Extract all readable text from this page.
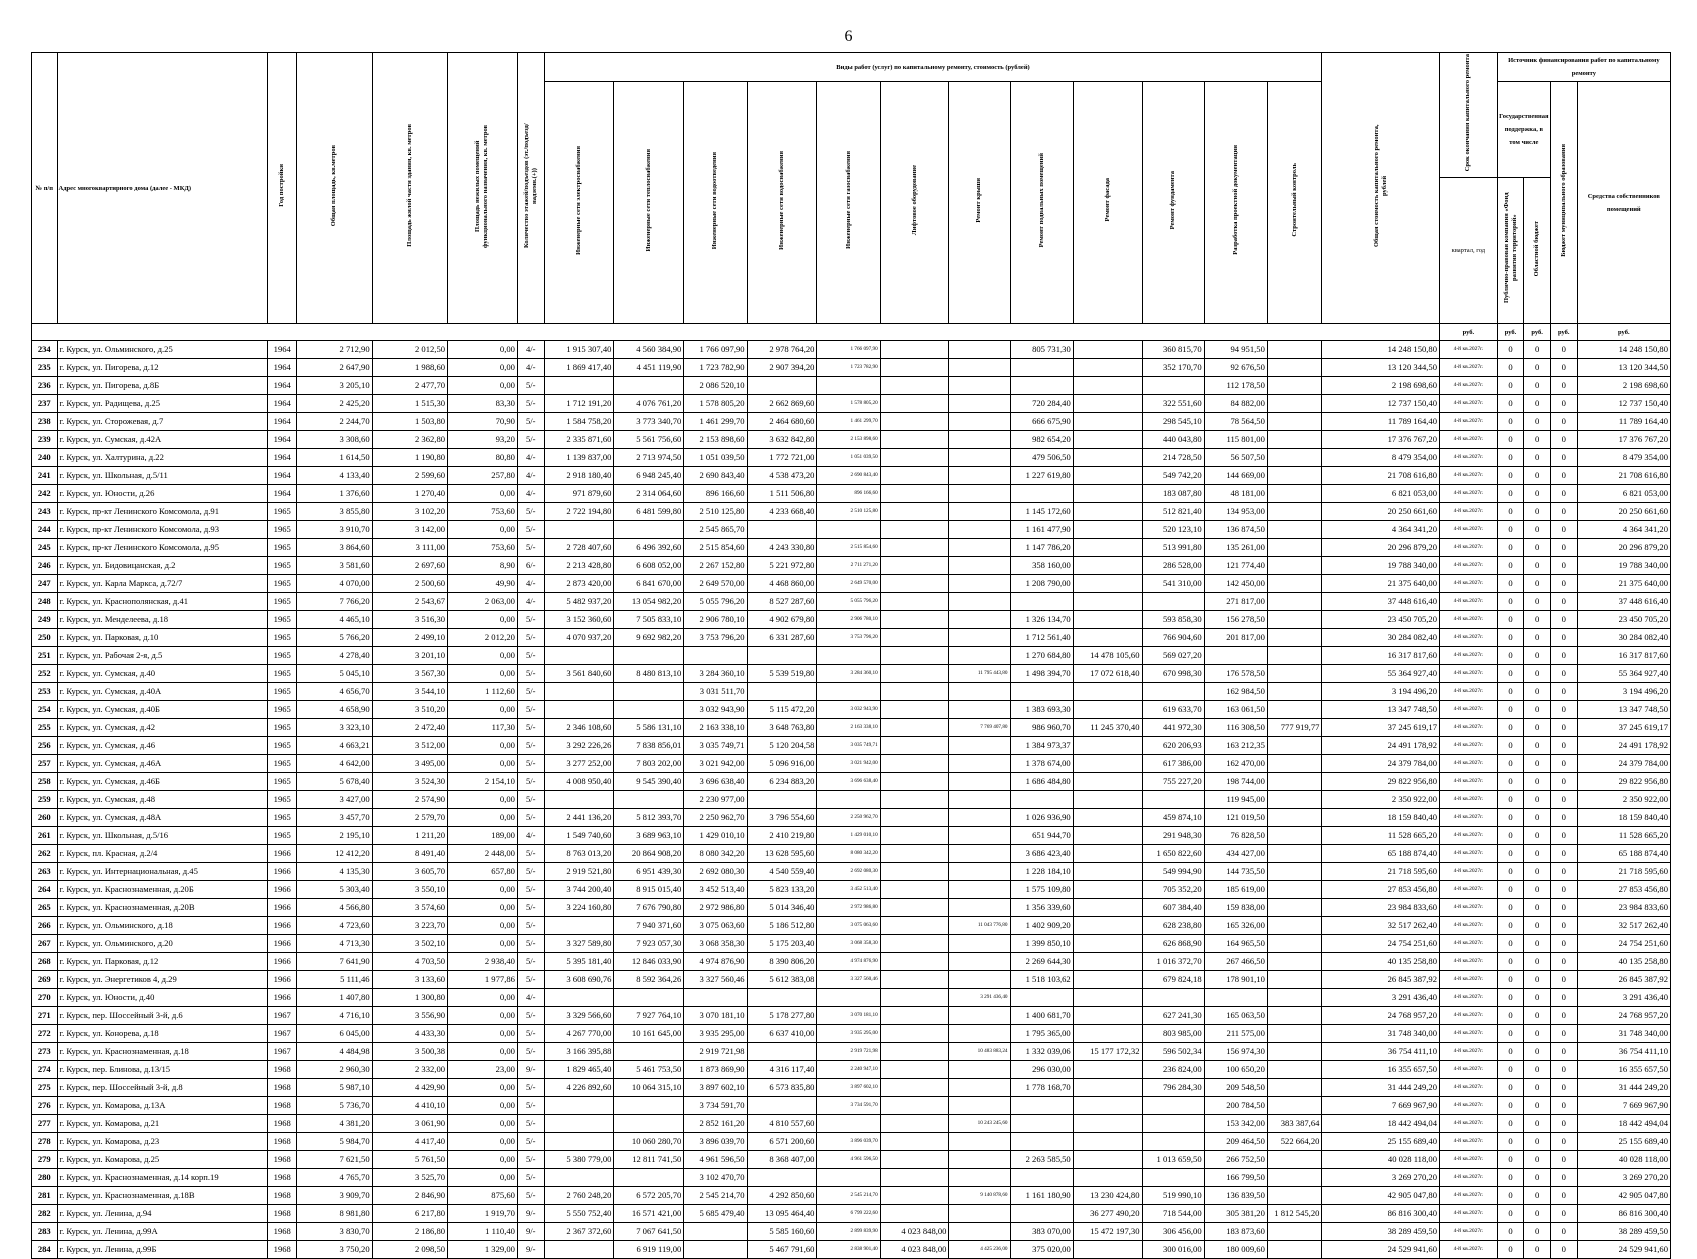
6
№ п/п	Адрес многоквартирного дома (далее - МКД)	Год постройки	Общая площадь, кв.метров	Площадь жилой части здания, кв. метров	Площадь нежилых помещений функционального назначения, кв. метров	Количество этажей/подъездов (эт./подъезд/ надземн.(+))	Виды работ (услуг) по капитальному ремонту, стоимость (рублей)												Общая стоимость капитального ремонта, рублей	Срок окончания капитального ремонта	Источник финансирования работ по капитальному ремонту			
							Инженерные сети электроснабжения	Инженерные сети теплоснабжения	Инженерные сети водоотведения	Инженерные сети водоснабжения	Инженерные сети газоснабжения	Лифтовое оборудование	Ремонт крыши	Ремонт подвальных помещений	Ремонт фасада	Ремонт фундамента	Разработка проектной документации	Строительный контроль			Государственная поддержка, в том числе		Бюджет муниципального образования	Средства собственников помещений
																				квартал, год	Публично-правовая компания «Фонд развития территорий»	Областной бюджет		
																				руб.	руб.	руб.	руб.	руб.
234	г. Курск, ул. Ольминского, д.25	1964	2 712,90	2 012,50	0,00	4/-	1 915 307,40	4 560 384,90	1 766 097,90	2 978 764,20	1 766 097,90			805 731,30		360 815,70	94 951,50		14 248 150,80	4-й кв.2027г.	0	0	0	14 248 150,80
235	г. Курск, ул. Пигорева, д.12	1964	2 647,90	1 988,60	0,00	4/-	1 869 417,40	4 451 119,90	1 723 782,90	2 907 394,20	1 723 782,90					352 170,70	92 676,50		13 120 344,50	4-й кв.2027г.	0	0	0	13 120 344,50
236	г. Курск, ул. Пигорева, д.8Б	1964	3 205,10	2 477,70	0,00	5/-			2 086 520,10								112 178,50		2 198 698,60	4-й кв.2027г.	0	0	0	2 198 698,60
237	г. Курск, ул. Радищева, д.25	1964	2 425,20	1 515,30	83,30	5/-	1 712 191,20	4 076 761,20	1 578 805,20	2 662 869,60	1 578 805,20			720 284,40		322 551,60	84 882,00		12 737 150,40	4-й кв.2027г.	0	0	0	12 737 150,40
238	г. Курск, ул. Сторожевая, д.7	1964	2 244,70	1 503,80	70,90	5/-	1 584 758,20	3 773 340,70	1 461 299,70	2 464 680,60	1 461 299,70			666 675,90		298 545,10	78 564,50		11 789 164,40	4-й кв.2027г.	0	0	0	11 789 164,40
239	г. Курск, ул. Сумская, д.42А	1964	3 308,60	2 362,80	93,20	5/-	2 335 871,60	5 561 756,60	2 153 898,60	3 632 842,80	2 153 898,60			982 654,20		440 043,80	115 801,00		17 376 767,20	4-й кв.2027г.	0	0	0	17 376 767,20
240	г. Курск, ул. Халтурина, д.22	1964	1 614,50	1 190,80	80,80	4/-	1 139 837,00	2 713 974,50	1 051 039,50	1 772 721,00	1 051 039,50			479 506,50		214 728,50	56 507,50		8 479 354,00	4-й кв.2027г.	0	0	0	8 479 354,00
241	г. Курск, ул. Школьная, д.5/11	1964	4 133,40	2 599,60	257,80	4/-	2 918 180,40	6 948 245,40	2 690 843,40	4 538 473,20	2 690 843,40			1 227 619,80		549 742,20	144 669,00		21 708 616,80	4-й кв.2027г.	0	0	0	21 708 616,80
242	г. Курск, ул. Юности, д.26	1964	1 376,60	1 270,40	0,00	4/-	971 879,60	2 314 064,60	896 166,60	1 511 506,80	896 166,60					183 087,80	48 181,00		6 821 053,00	4-й кв.2027г.	0	0	0	6 821 053,00
243	г. Курск, пр-кт Ленинского Комсомола, д.91	1965	3 855,80	3 102,20	753,60	5/-	2 722 194,80	6 481 599,80	2 510 125,80	4 233 668,40	2 510 125,80			1 145 172,60		512 821,40	134 953,00		20 250 661,60	4-й кв.2027г.	0	0	0	20 250 661,60
244	г. Курск, пр-кт Ленинского Комсомола, д.93	1965	3 910,70	3 142,00	0,00	5/-			2 545 865,70					1 161 477,90		520 123,10	136 874,50		4 364 341,20	4-й кв.2027г.	0	0	0	4 364 341,20
245	г. Курск, пр-кт Ленинского Комсомола, д.95	1965	3 864,60	3 111,00	753,60	5/-	2 728 407,60	6 496 392,60	2 515 854,60	4 243 330,80	2 515 854,60			1 147 786,20		513 991,80	135 261,00		20 296 879,20	4-й кв.2027г.	0	0	0	20 296 879,20
246	г. Курск, ул. Бидовицанская, д.2	1965	3 581,60	2 697,60	8,90	6/-	2 213 428,80	6 608 052,00	2 267 152,80	5 221 972,80	2 711 271,20			358 160,00		286 528,00	121 774,40		19 788 340,00	4-й кв.2027г.	0	0	0	19 788 340,00
247	г. Курск, ул. Карла Маркса, д.72/7	1965	4 070,00	2 500,60	49,90	4/-	2 873 420,00	6 841 670,00	2 649 570,00	4 468 860,00	2 649 570,00			1 208 790,00		541 310,00	142 450,00		21 375 640,00	4-й кв.2027г.	0	0	0	21 375 640,00
248	г. Курск, ул. Краснополянская, д.41	1965	7 766,20	2 543,67	2 063,00	4/-	5 482 937,20	13 054 982,20	5 055 796,20	8 527 287,60	5 055 796,20						271 817,00		37 448 616,40	4-й кв.2027г.	0	0	0	37 448 616,40
249	г. Курск, ул. Менделеева, д.18	1965	4 465,10	3 516,30	0,00	5/-	3 152 360,60	7 505 833,10	2 906 780,10	4 902 679,80	2 906 780,10			1 326 134,70		593 858,30	156 278,50		23 450 705,20	4-й кв.2027г.	0	0	0	23 450 705,20
250	г. Курск, ул. Парковая, д.10	1965	5 766,20	2 499,10	2 012,20	5/-	4 070 937,20	9 692 982,20	3 753 796,20	6 331 287,60	3 753 796,20			1 712 561,40		766 904,60	201 817,00		30 284 082,40	4-й кв.2027г.	0	0	0	30 284 082,40
251	г. Курск, ул. Рабочая 2-я, д.5	1965	4 278,40	3 201,10	0,00	5/-								1 270 684,80	14 478 105,60	569 027,20			16 317 817,60	4-й кв.2027г.	0	0	0	16 317 817,60
252	г. Курск, ул. Сумская, д.40	1965	5 045,10	3 567,30	0,00	5/-	3 561 840,60	8 480 813,10	3 284 360,10	5 539 519,80	3 284 360,10		11 795 443,80	1 498 394,70	17 072 618,40	670 998,30	176 578,50		55 364 927,40	4-й кв.2027г.	0	0	0	55 364 927,40
253	г. Курск, ул. Сумская, д.40А	1965	4 656,70	3 544,10	1 112,60	5/-			3 031 511,70								162 984,50		3 194 496,20	4-й кв.2027г.	0	0	0	3 194 496,20
254	г. Курск, ул. Сумская, д.40Б	1965	4 658,90	3 510,20	0,00	5/-			3 032 943,90	5 115 472,20	3 032 943,90			1 383 693,30		619 633,70	163 061,50		13 347 748,50	4-й кв.2027г.	0	0	0	13 347 748,50
255	г. Курск, ул. Сумская, д.42	1965	3 323,10	2 472,40	117,30	5/-	2 346 108,60	5 586 131,10	2 163 338,10	3 648 763,80	2 163 338,10		7 769 407,80	986 960,70	11 245 370,40	441 972,30	116 308,50	777 919,77	37 245 619,17	4-й кв.2027г.	0	0	0	37 245 619,17
256	г. Курск, ул. Сумская, д.46	1965	4 663,21	3 512,00	0,00	5/-	3 292 226,26	7 838 856,01	3 035 749,71	5 120 204,58	3 035 749,71			1 384 973,37		620 206,93	163 212,35		24 491 178,92	4-й кв.2027г.	0	0	0	24 491 178,92
257	г. Курск, ул. Сумская, д.46А	1965	4 642,00	3 495,00	0,00	5/-	3 277 252,00	7 803 202,00	3 021 942,00	5 096 916,00	3 021 942,00			1 378 674,00		617 386,00	162 470,00		24 379 784,00	4-й кв.2027г.	0	0	0	24 379 784,00
258	г. Курск, ул. Сумская, д.46Б	1965	5 678,40	3 524,30	2 154,10	5/-	4 008 950,40	9 545 390,40	3 696 638,40	6 234 883,20	3 696 638,40			1 686 484,80		755 227,20	198 744,00		29 822 956,80	4-й кв.2027г.	0	0	0	29 822 956,80
259	г. Курск, ул. Сумская, д.48	1965	3 427,00	2 574,90	0,00	5/-			2 230 977,00								119 945,00		2 350 922,00	4-й кв.2027г.	0	0	0	2 350 922,00
260	г. Курск, ул. Сумская, д.48А	1965	3 457,70	2 579,70	0,00	5/-	2 441 136,20	5 812 393,70	2 250 962,70	3 796 554,60	2 250 962,70			1 026 936,90		459 874,10	121 019,50		18 159 840,40	4-й кв.2027г.	0	0	0	18 159 840,40
261	г. Курск, ул. Школьная, д.5/16	1965	2 195,10	1 211,20	189,00	4/-	1 549 740,60	3 689 963,10	1 429 010,10	2 410 219,80	1 429 010,10			651 944,70		291 948,30	76 828,50		11 528 665,20	4-й кв.2027г.	0	0	0	11 528 665,20
262	г. Курск, пл. Красная, д.2/4	1966	12 412,20	8 491,40	2 448,00	5/-	8 763 013,20	20 864 908,20	8 080 342,20	13 628 595,60	8 080 342,20			3 686 423,40		1 650 822,60	434 427,00		65 188 874,40	4-й кв.2027г.	0	0	0	65 188 874,40
263	г. Курск, ул. Интернациональная, д.45	1966	4 135,30	3 605,70	657,80	5/-	2 919 521,80	6 951 439,30	2 692 080,30	4 540 559,40	2 692 080,30			1 228 184,10		549 994,90	144 735,50		21 718 595,60	4-й кв.2027г.	0	0	0	21 718 595,60
264	г. Курск, ул. Краснознаменная, д.20Б	1966	5 303,40	3 550,10	0,00	5/-	3 744 200,40	8 915 015,40	3 452 513,40	5 823 133,20	3 452 513,40			1 575 109,80		705 352,20	185 619,00		27 853 456,80	4-й кв.2027г.	0	0	0	27 853 456,80
265	г. Курск, ул. Краснознаменная, д.20В	1966	4 566,80	3 574,60	0,00	5/-	3 224 160,80	7 676 790,80	2 972 986,80	5 014 346,40	2 972 986,80			1 356 339,60		607 384,40	159 838,00		23 984 833,60	4-й кв.2027г.	0	0	0	23 984 833,60
266	г. Курск, ул. Ольминского, д.18	1966	4 723,60	3 223,70	0,00	5/-		7 940 371,60	3 075 063,60	5 186 512,80	3 075 063,60		11 043 776,80	1 402 909,20		628 238,80	165 326,00		32 517 262,40	4-й кв.2027г.	0	0	0	32 517 262,40
267	г. Курск, ул. Ольминского, д.20	1966	4 713,30	3 502,10	0,00	5/-	3 327 589,80	7 923 057,30	3 068 358,30	5 175 203,40	3 068 358,30			1 399 850,10		626 868,90	164 965,50		24 754 251,60	4-й кв.2027г.	0	0	0	24 754 251,60
268	г. Курск, ул. Парковая, д.12	1966	7 641,90	4 703,50	2 938,40	5/-	5 395 181,40	12 846 033,90	4 974 876,90	8 390 806,20	4 974 876,90			2 269 644,30		1 016 372,70	267 466,50		40 135 258,80	4-й кв.2027г.	0	0	0	40 135 258,80
269	г. Курск, ул. Энергетиков 4, д.29	1966	5 111,46	3 133,60	1 977,86	5/-	3 608 690,76	8 592 364,26	3 327 560,46	5 612 383,08	3 327 560,46			1 518 103,62		679 824,18	178 901,10		26 845 387,92	4-й кв.2027г.	0	0	0	26 845 387,92
270	г. Курск, ул. Юности, д.40	1966	1 407,80	1 300,80	0,00	4/-							3 291 436,40						3 291 436,40	4-й кв.2027г.	0	0	0	3 291 436,40
271	г. Курск, пер. Шоссейный 3-й, д.6	1967	4 716,10	3 556,90	0,00	5/-	3 329 566,60	7 927 764,10	3 070 181,10	5 178 277,80	3 070 181,10			1 400 681,70		627 241,30	165 063,50		24 768 957,20	4-й кв.2027г.	0	0	0	24 768 957,20
272	г. Курск, ул. Конорева, д.18	1967	6 045,00	4 433,30	0,00	5/-	4 267 770,00	10 161 645,00	3 935 295,00	6 637 410,00	3 935 295,00			1 795 365,00		803 985,00	211 575,00		31 748 340,00	4-й кв.2027г.	0	0	0	31 748 340,00
273	г. Курск, ул. Краснознаменная, д.18	1967	4 484,98	3 500,38	0,00	5/-	3 166 395,88		2 919 721,98		2 919 721,98		10 483 883,24	1 332 039,06	15 177 172,32	596 502,34	156 974,30		36 754 411,10	4-й кв.2027г.	0	0	0	36 754 411,10
274	г. Курск, пер. Блинова, д.13/15	1968	2 960,30	2 332,00	23,00	9/-	1 829 465,40	5 461 753,50	1 873 869,90	4 316 117,40	2 240 947,10			296 030,00		236 824,00	100 650,20		16 355 657,50	4-й кв.2027г.	0	0	0	16 355 657,50
275	г. Курск, пер. Шоссейный 3-й, д.8	1968	5 987,10	4 429,90	0,00	5/-	4 226 892,60	10 064 315,10	3 897 602,10	6 573 835,80	3 897 602,10			1 778 168,70		796 284,30	209 548,50		31 444 249,20	4-й кв.2027г.	0	0	0	31 444 249,20
276	г. Курск, ул. Комарова, д.13А	1968	5 736,70	4 410,10	0,00	5/-			3 734 591,70		3 734 591,70						200 784,50		7 669 967,90	4-й кв.2027г.	0	0	0	7 669 967,90
277	г. Курск, ул. Комарова, д.21	1968	4 381,20	3 061,90	0,00	5/-			2 852 161,20	4 810 557,60			10 243 245,60				153 342,00	383 387,64	18 442 494,04	4-й кв.2027г.	0	0	0	18 442 494,04
278	г. Курск, ул. Комарова, д.23	1968	5 984,70	4 417,40	0,00	5/-		10 060 280,70	3 896 039,70	6 571 200,60	3 896 039,70						209 464,50	522 664,20	25 155 689,40	4-й кв.2027г.	0	0	0	25 155 689,40
279	г. Курск, ул. Комарова, д.25	1968	7 621,50	5 761,50	0,00	5/-	5 380 779,00	12 811 741,50	4 961 596,50	8 368 407,00	4 961 596,50			2 263 585,50		1 013 659,50	266 752,50		40 028 118,00	4-й кв.2027г.	0	0	0	40 028 118,00
280	г. Курск, ул. Краснознаменная, д.14 корп.19	1968	4 765,70	3 525,70	0,00	5/-			3 102 470,70								166 799,50		3 269 270,20	4-й кв.2027г.	0	0	0	3 269 270,20
281	г. Курск, ул. Краснознаменная, д.18В	1968	3 909,70	2 846,90	875,60	5/-	2 760 248,20	6 572 205,70	2 545 214,70	4 292 850,60	2 545 214,70		9 140 878,60	1 161 180,90	13 230 424,80	519 990,10	136 839,50		42 905 047,80	4-й кв.2027г.	0	0	0	42 905 047,80
282	г. Курск, ул. Ленина, д.94	1968	8 981,80	6 217,80	1 919,70	9/-	5 550 752,40	16 571 421,00	5 685 479,40	13 095 464,40	6 799 222,60				36 277 490,20	718 544,00	305 381,20	1 812 545,20	86 816 300,40	4-й кв.2027г.	0	0	0	86 816 300,40
283	г. Курск, ул. Ленина, д.99А	1968	3 830,70	2 186,80	1 110,40	9/-	2 367 372,60	7 067 641,50		5 585 160,60	2 899 839,90	4 023 848,00		383 070,00	15 472 197,30	306 456,00	183 873,60		38 289 459,50	4-й кв.2027г.	0	0	0	38 289 459,50
284	г. Курск, ул. Ленина, д.99Б	1968	3 750,20	2 098,50	1 329,00	9/-		6 919 119,00		5 467 791,60	2 838 901,40	4 023 848,00	4 425 236,00	375 020,00		300 016,00	180 009,60		24 529 941,60	4-й кв.2027г.	0	0	0	24 529 941,60
